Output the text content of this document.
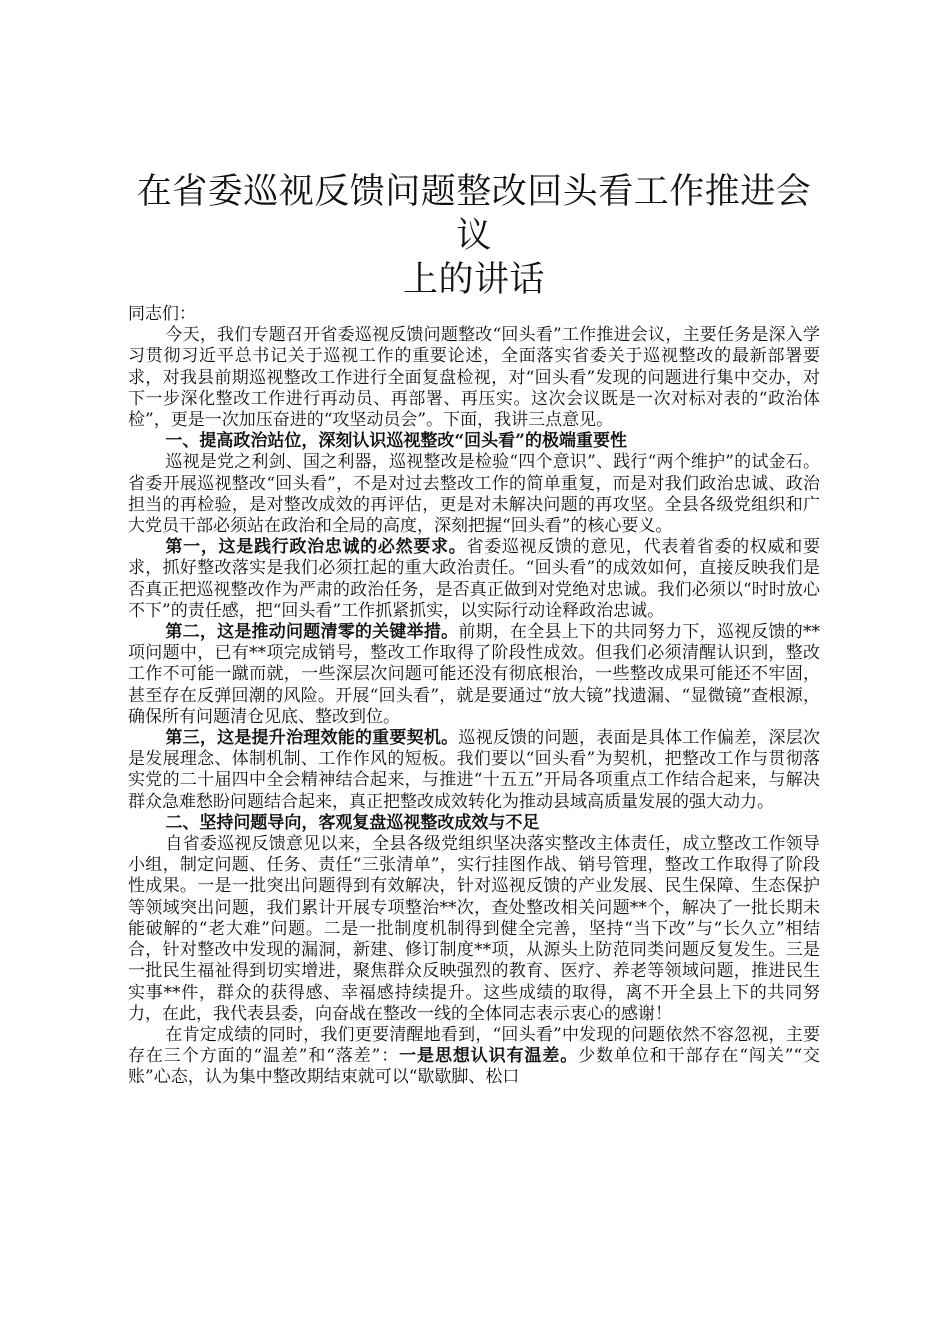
在省委巡视反馈问题整改回头看工作推进会议
上的讲话

同志们：

今天，我们专题召开省委巡视反馈问题整改“回头看”工作推进会议，主要任务是深入学习贯彻习近平总书记关于巡视工作的重要论述，全面落实省委关于巡视整改的最新部署要求，对我县前期巡视整改工作进行全面复盘检视，对“回头看”发现的问题进行集中交办，对下一步深化整改工作进行再动员、再部署、再压实。这次会议既是一次对标对表的“政治体检”，更是一次加压奋进的“攻坚动员会”。下面，我讲三点意见。

一、提高政治站位，深刻认识巡视整改“回头看”的极端重要性

巡视是党之利剑、国之利器，巡视整改是检验“四个意识”、践行“两个维护”的试金石。省委开展巡视整改“回头看”，不是对过去整改工作的简单重复，而是对我们政治忠诚、政治担当的再检验，是对整改成效的再评估，更是对未解决问题的再攻坚。全县各级党组织和广大党员干部必须站在政治和全局的高度，深刻把握“回头看”的核心要义。

第一，这是践行政治忠诚的必然要求。省委巡视反馈的意见，代表着省委的权威和要求，抓好整改落实是我们必须扛起的重大政治责任。“回头看”的成效如何，直接反映我们是否真正把巡视整改作为严肃的政治任务，是否真正做到对党绝对忠诚。我们必须以“时时放心不下”的责任感，把“回头看”工作抓紧抓实，以实际行动诠释政治忠诚。

第二，这是推动问题清零的关键举措。前期，在全县上下的共同努力下，巡视反馈的**项问题中，已有**项完成销号，整改工作取得了阶段性成效。但我们必须清醒认识到，整改工作不可能一蹴而就，一些深层次问题可能还没有彻底根治，一些整改成果可能还不牢固，甚至存在反弹回潮的风险。开展“回头看”，就是要通过“放大镜”找遗漏、“显微镜”查根源，确保所有问题清仓见底、整改到位。

第三，这是提升治理效能的重要契机。巡视反馈的问题，表面是具体工作偏差，深层次是发展理念、体制机制、工作作风的短板。我们要以“回头看”为契机，把整改工作与贯彻落实党的二十届四中全会精神结合起来，与推进“十五五”开局各项重点工作结合起来，与解决群众急难愁盼问题结合起来，真正把整改成效转化为推动县域高质量发展的强大动力。

二、坚持问题导向，客观复盘巡视整改成效与不足

自省委巡视反馈意见以来，全县各级党组织坚决落实整改主体责任，成立整改工作领导小组，制定问题、任务、责任“三张清单”，实行挂图作战、销号管理，整改工作取得了阶段性成果。一是一批突出问题得到有效解决，针对巡视反馈的产业发展、民生保障、生态保护等领域突出问题，我们累计开展专项整治**次，查处整改相关问题**个，解决了一批长期未能破解的“老大难”问题。二是一批制度机制得到健全完善，坚持“当下改”与“长久立”相结合，针对整改中发现的漏洞，新建、修订制度**项，从源头上防范同类问题反复发生。三是一批民生福祉得到切实增进，聚焦群众反映强烈的教育、医疗、养老等领域问题，推进民生实事**件，群众的获得感、幸福感持续提升。这些成绩的取得，离不开全县上下的共同努力，在此，我代表县委，向奋战在整改一线的全体同志表示衷心的感谢！

在肯定成绩的同时，我们更要清醒地看到，“回头看”中发现的问题依然不容忽视，主要存在三个方面的“温差”和“落差”：一是思想认识有温差。少数单位和干部存在“闯关”“交账”心态，认为集中整改期结束就可以“歇歇脚、松口
